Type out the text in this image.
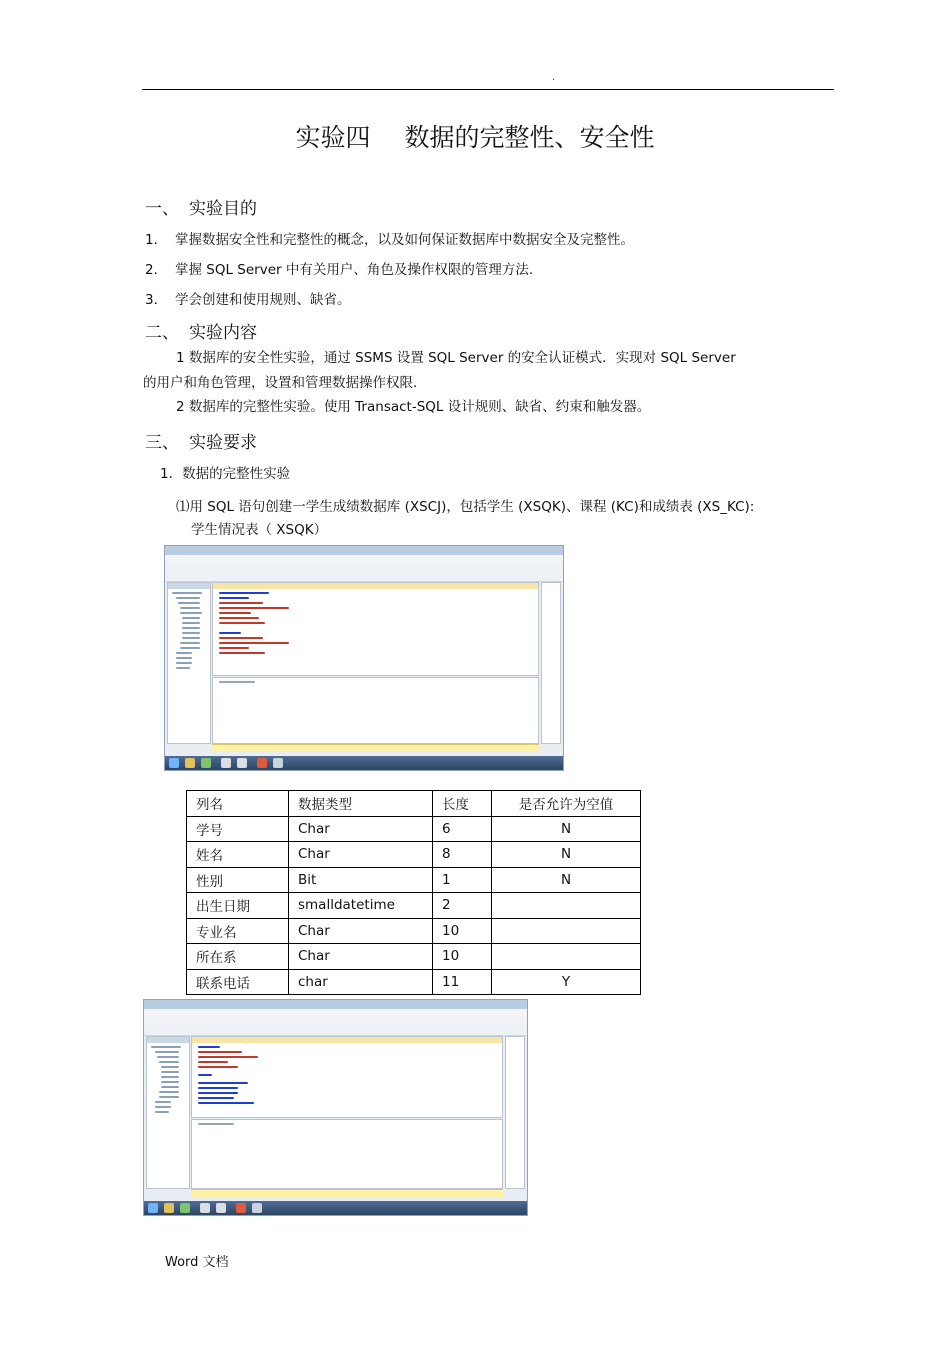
.
实验四 数据的完整性、安全性
一、 实验目的
1． 掌握数据安全性和完整性的概念，以及如何保证数据库中数据安全及完整性。
2． 掌握 SQL Server 中有关用户、角色及操作权限的管理方法.
3． 学会创建和使用规则、缺省。
二、 实验内容
1 数据库的安全性实验，通过 SSMS 设置 SQL Server 的安全认证模式．实现对 SQL Server
的用户和角色管理，设置和管理数据操作权限.
2 数据库的完整性实验。使用 Transact-SQL 设计规则、缺省、约束和触发器。
三、 实验要求
1．数据的完整性实验
⑴用 SQL 语句创建一学生成绩数据库 (XSCJ)，包括学生 (XSQK)、课程 (KC)和成绩表 (XS_KC):
学生情况表（ XSQK）
列名	数据类型	长度	是否允许为空值
学号	Char	6	N
姓名	Char	8	N
性别	Bit	1	N
出生日期	smalldatetime	2	
专业名	Char	10	
所在系	Char	10	
联系电话	char	11	Y
Word 文档
